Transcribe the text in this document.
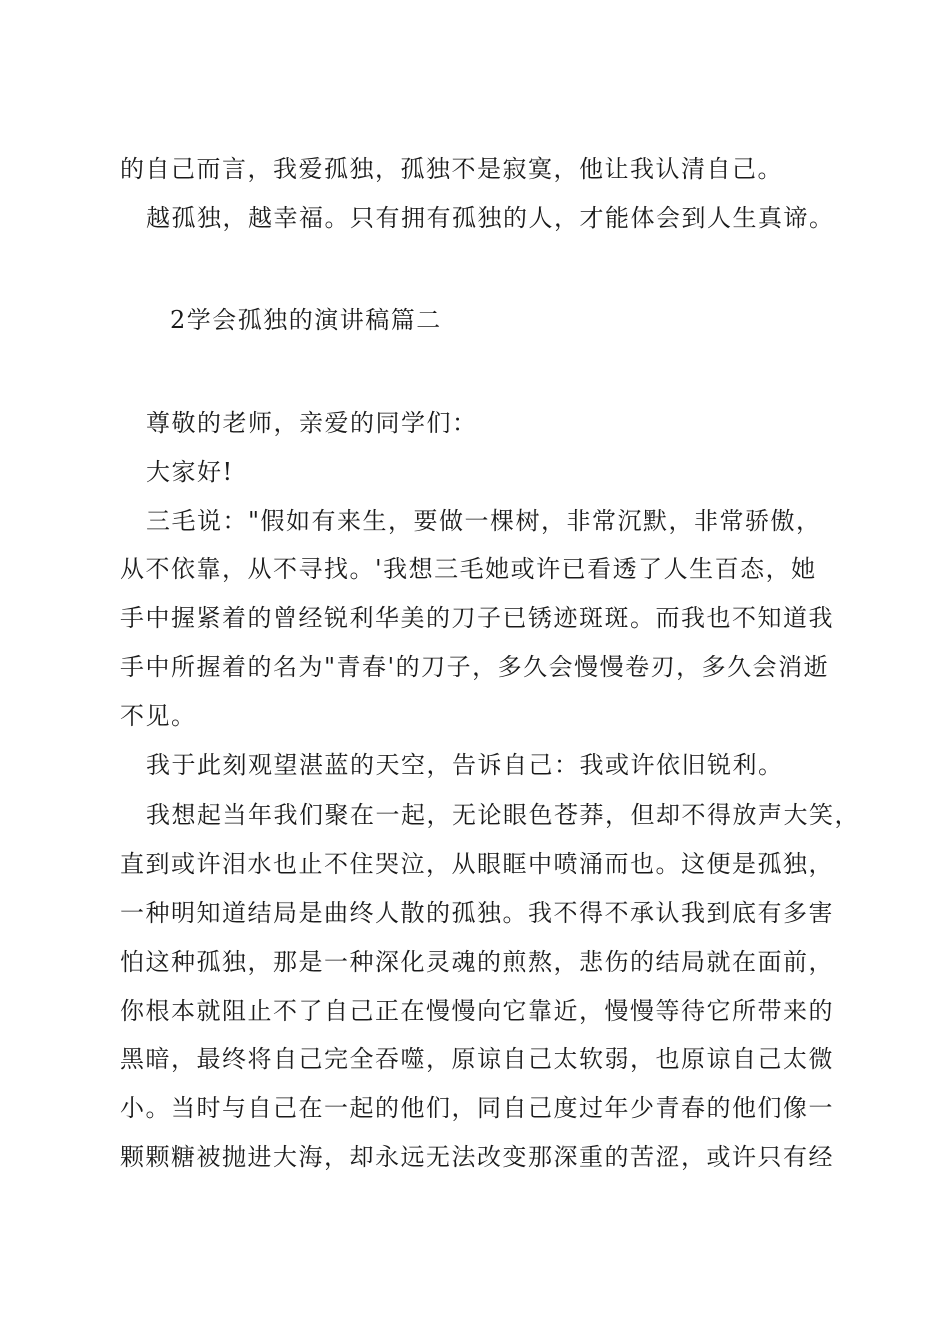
的自己而言，我爱孤独，孤独不是寂寞，他让我认清自己。
越孤独，越幸福。只有拥有孤独的人，才能体会到人生真谛。
2学会孤独的演讲稿篇二
尊敬的老师，亲爱的同学们：
大家好!
三毛说："假如有来生，要做一棵树，非常沉默，非常骄傲，
从不依靠，从不寻找。'我想三毛她或许已看透了人生百态，她
手中握紧着的曾经锐利华美的刀子已锈迹斑斑。而我也不知道我
手中所握着的名为"青春'的刀子，多久会慢慢卷刃，多久会消逝
不见。
我于此刻观望湛蓝的天空，告诉自己：我或许依旧锐利。
我想起当年我们聚在一起，无论眼色苍莽，但却不得放声大笑，
直到或许泪水也止不住哭泣，从眼眶中喷涌而也。这便是孤独，
一种明知道结局是曲终人散的孤独。我不得不承认我到底有多害
怕这种孤独，那是一种深化灵魂的煎熬，悲伤的结局就在面前，
你根本就阻止不了自己正在慢慢向它靠近，慢慢等待它所带来的
黑暗，最终将自己完全吞噬，原谅自己太软弱，也原谅自己太微
小。当时与自己在一起的他们，同自己度过年少青春的他们像一
颗颗糖被抛进大海，却永远无法改变那深重的苦涩，或许只有经
